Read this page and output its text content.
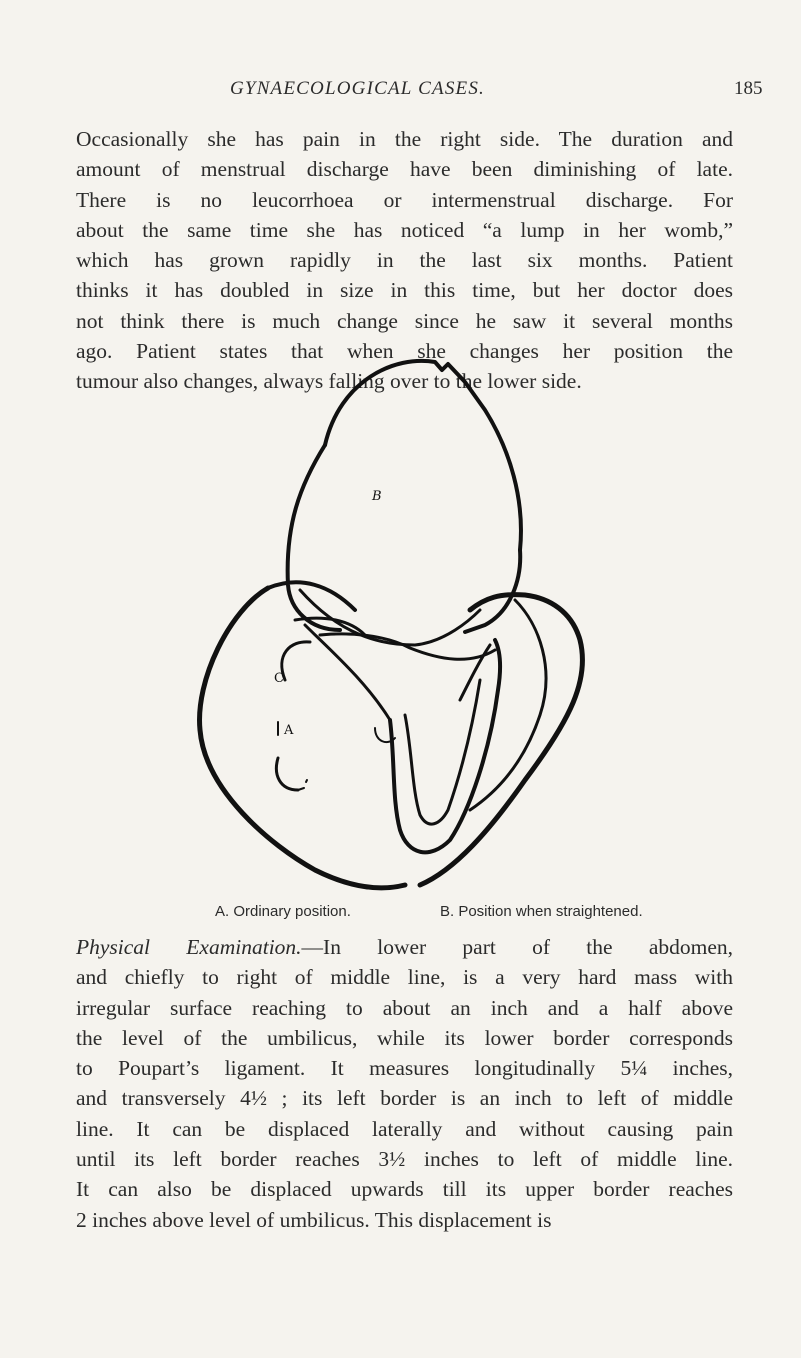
GYNAECOLOGICAL CASES.	185
Occasionally she has pain in the right side. The duration and
amount of menstrual discharge have been diminishing of late.
There is no leucorrhoea or intermenstrual discharge. For
about the same time she has noticed “a lump in her womb,”
which has grown rapidly in the last six months. Patient
thinks it has doubled in size in this time, but her doctor does
not think there is much change since he saw it several months
ago. Patient states that when she changes her position the
tumour also changes, always falling over to the lower side.
B
C
A
A. Ordinary position.	B. Position when straightened.
Physical Examination.—In lower part of the abdomen,
and chiefly to right of middle line, is a very hard mass with
irregular surface reaching to about an inch and a half above
the level of the umbilicus, while its lower border corresponds
to Poupart’s ligament. It measures longitudinally 5¼ inches,
and transversely 4½ ; its left border is an inch to left of middle
line. It can be displaced laterally and without causing pain
until its left border reaches 3½ inches to left of middle line.
It can also be displaced upwards till its upper border reaches
2 inches above level of umbilicus. This displacement is
